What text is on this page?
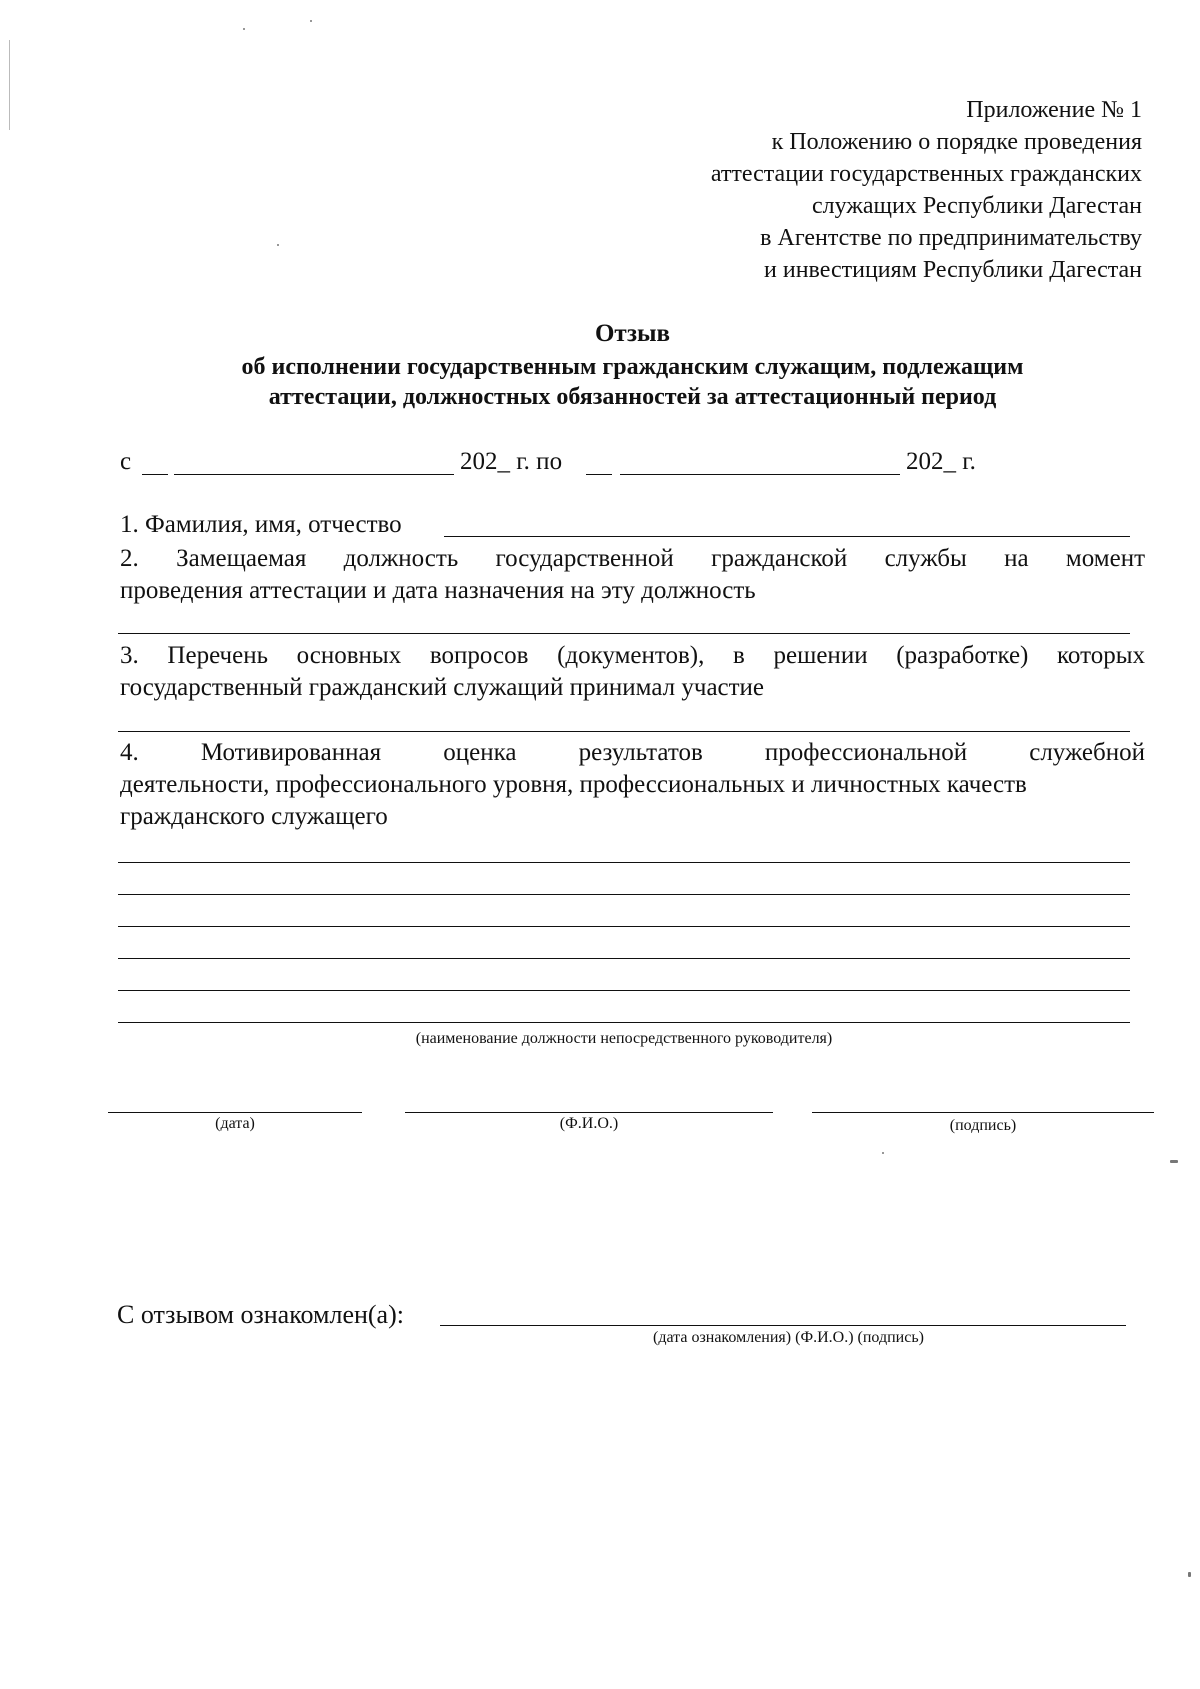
Приложение № 1
к Положению о порядке проведения
аттестации государственных гражданских
служащих Республики Дагестан
в Агентстве по предпринимательству
и инвестициям Республики Дагестан
Отзыв
об исполнении государственным гражданским служащим, подлежащим
аттестации, должностных обязанностей за аттестационный период
с	202_ г. по	202_ г.
1. Фамилия, имя, отчество
2. Замещаемая должность государственной гражданской службы на момент
проведения аттестации и дата назначения на эту должность
3. Перечень основных вопросов (документов), в решении (разработке) которых
государственный гражданский служащий принимал участие
4. Мотивированная оценка результатов профессиональной служебной
деятельности, профессионального уровня, профессиональных и личностных качеств
гражданского служащего
(наименование должности непосредственного руководителя)
(дата)	(Ф.И.О.)	(подпись)
С отзывом ознакомлен(а):
(дата ознакомления) (Ф.И.О.) (подпись)
